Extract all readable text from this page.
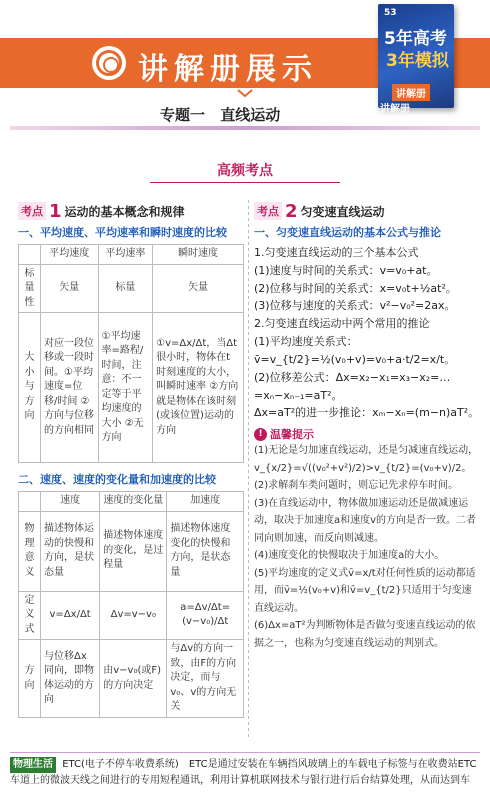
讲解册展示
53
5年高考
3年模拟
讲解册
讲解册
专题一 直线运动
高频考点
考点 1 运动的基本概念和规律
一、平均速度、平均速率和瞬时速度的比较
	平均速度	平均速率	瞬时速度
标量性	矢量	标量	矢量
大小与方向	对应一段位移或一段时间。①平均速度=位移/时间 ②方向与位移的方向相同	①平均速率=路程/时间，注意：不一定等于平均速度的大小 ②无方向	①v=Δx/Δt，当Δt很小时，物体在t时刻速度的大小，叫瞬时速率 ②方向就是物体在该时刻(或该位置)运动的方向
二、速度、速度的变化量和加速度的比较
	速度	速度的变化量	加速度
物理意义	描述物体运动的快慢和方向，是状态量	描述物体速度的变化，是过程量	描述物体速度变化的快慢和方向，是状态量
定义式	v=Δx/Δt	Δv=v−v₀	a=Δv/Δt=(v−v₀)/Δt
方向	与位移Δx同向，即物体运动的方向	由v−v₀(或F)的方向决定	与Δv的方向一致，由F的方向决定，而与v₀、v的方向无关
考点 2 匀变速直线运动
一、匀变速直线运动的基本公式与推论

1.匀变速直线运动的三个基本公式

(1)速度与时间的关系式：v=v₀+at。

(2)位移与时间的关系式：x=v₀t+½at²。

(3)位移与速度的关系式：v²−v₀²=2ax。

2.匀变速直线运动中两个常用的推论

(1)平均速度关系式：v̄=v_{t/2}=½(v₀+v)=v₀+a·t/2=x/t。

(2)位移差公式：Δx=x₂−x₁=x₃−x₂=…=xₙ−xₙ₋₁=aT²。

Δx=aT²的进一步推论：xₘ−xₙ=(m−n)aT²。

! 温馨提示

(1)无论是匀加速直线运动，还是匀减速直线运动，v_{x/2}=√((v₀²+v²)/2)>v_{t/2}=(v₀+v)/2。

(2)求解刹车类问题时，则忘记先求停车时间。

(3)在直线运动中，物体做加速运动还是做减速运动，取决于加速度a和速度v的方向是否一致。二者同向则加速，而反向则减速。

(4)速度变化的快慢取决于加速度a的大小。

(5)平均速度的定义式v̄=x/t对任何性质的运动都适用，而v̄=½(v₀+v)和v̄=v_{t/2}只适用于匀变速直线运动。

(6)Δx=aT²为判断物体是否做匀变速直线运动的依据之一，也称为匀变速直线运动的判别式。

物理生活 ETC(电子不停车收费系统)　ETC是通过安装在车辆挡风玻璃上的车载电子标签与在收费站ETC车道上的微波天线之间进行的专用短程通讯，利用计算机联网技术与银行进行后台结算处理，从而达到车
